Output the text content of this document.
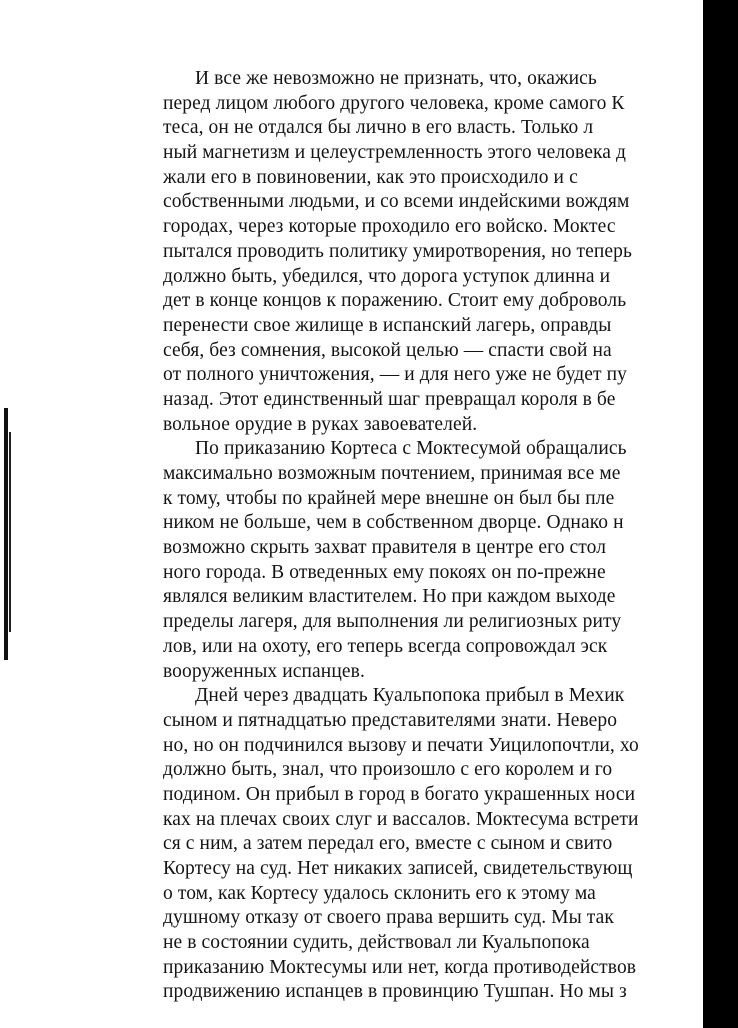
И все же невозможно не признать, что, окажись
перед лицом любого другого человека, кроме самого К
теса, он не отдался бы лично в его власть. Только л
ный магнетизм и целеустремленность этого человека д
жали его в повиновении, как это происходило и с
собственными людьми, и со всеми индейскими вождям
городах, через которые проходило его войско. Моктес
пытался проводить политику умиротворения, но теперь
должно быть, убедился, что дорога уступок длинна и
дет в конце концов к поражению. Стоит ему доброволь
перенести свое жилище в испанский лагерь, оправды
себя, без сомнения, высокой целью — спасти свой на
от полного уничтожения, — и для него уже не будет пу
назад. Этот единственный шаг превращал короля в бе
вольное орудие в руках завоевателей.
По приказанию Кортеса с Моктесумой обращались
максимально возможным почтением, принимая все ме
к тому, чтобы по крайней мере внешне он был бы пле
ником не больше, чем в собственном дворце. Однако н
возможно скрыть захват правителя в центре его стол
ного города. В отведенных ему покоях он по-прежне
являлся великим властителем. Но при каждом выходе
пределы лагеря, для выполнения ли религиозных риту
лов, или на охоту, его теперь всегда сопровождал эск
вооруженных испанцев.
Дней через двадцать Куальпопока прибыл в Мехик
сыном и пятнадцатью представителями знати. Неверо
но, но он подчинился вызову и печати Уицилопочтли, хо
должно быть, знал, что произошло с его королем и го
подином. Он прибыл в город в богато украшенных носи
ках на плечах своих слуг и вассалов. Моктесума встрети
ся с ним, а затем передал его, вместе с сыном и свито
Кортесу на суд. Нет никаких записей, свидетельствующ
о том, как Кортесу удалось склонить его к этому ма
душному отказу от своего права вершить суд. Мы так
не в состоянии судить, действовал ли Куальпопока
приказанию Моктесумы или нет, когда противодействов
продвижению испанцев в провинцию Тушпан. Но мы з
